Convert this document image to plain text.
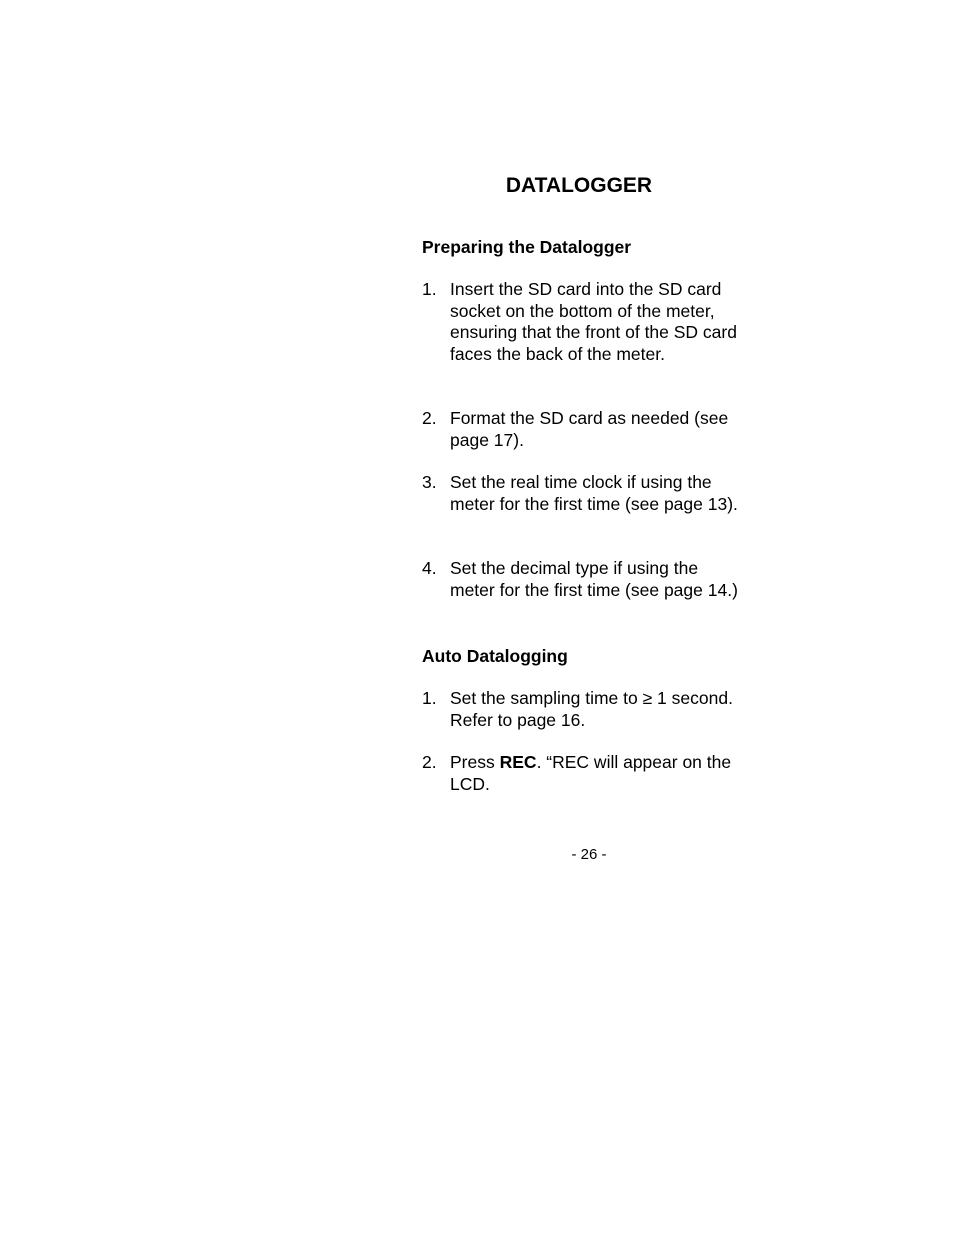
DATALOGGER
Preparing the Datalogger
1. Insert the SD card into the SD card socket on the bottom of the meter, ensuring that the front of the SD card faces the back of the meter.
2. Format the SD card as needed (see page 17).
3. Set the real time clock if using the meter for the first time (see page 13).
4. Set the decimal type if using the meter for the first time (see page 14.)
Auto Datalogging
1. Set the sampling time to ≥ 1 second. Refer to page 16.
2. Press REC. “REC will appear on the LCD.
- 26 -
